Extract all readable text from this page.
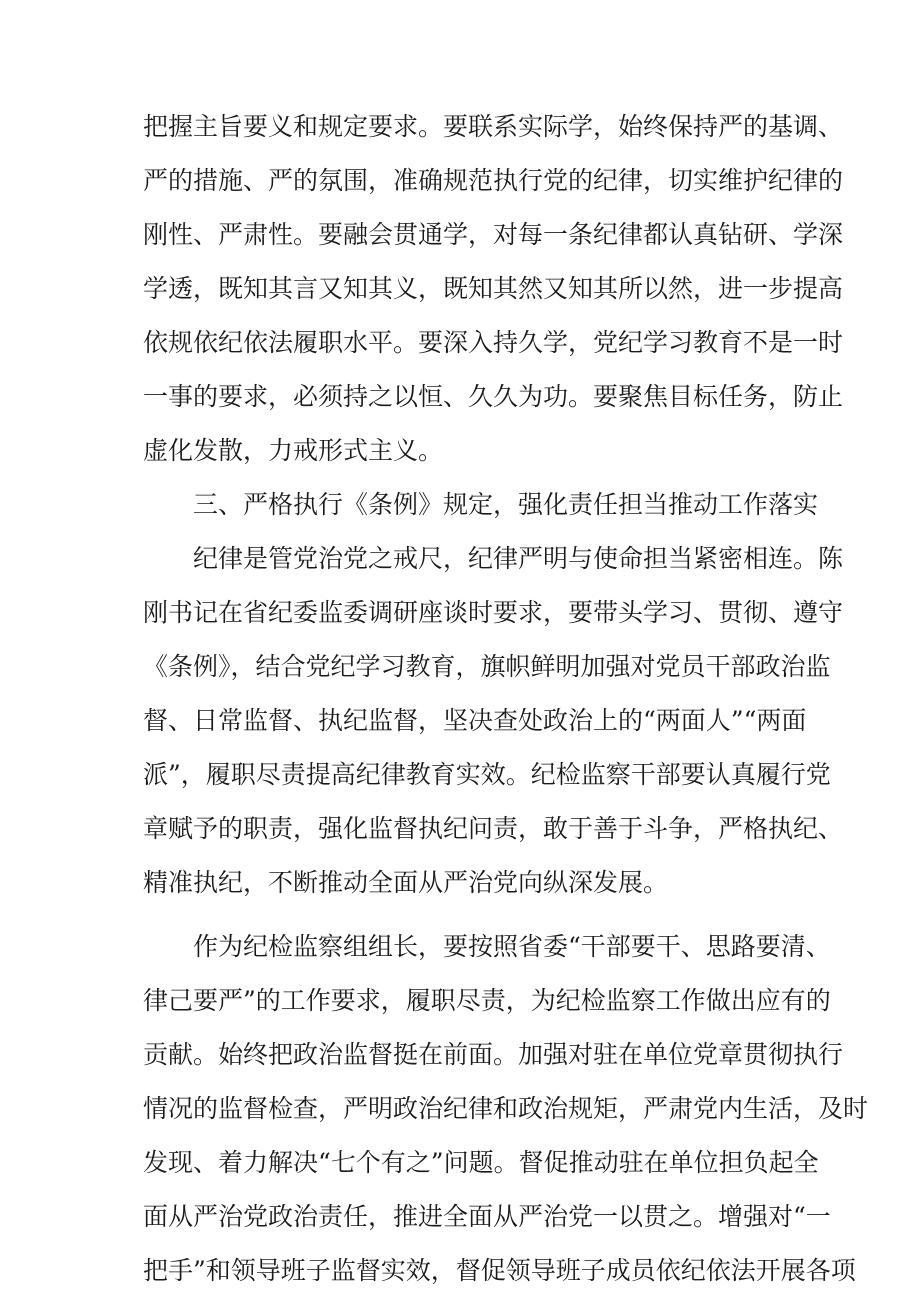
把握主旨要义和规定要求。要联系实际学，始终保持严的基调、
严的措施、严的氛围，准确规范执行党的纪律，切实维护纪律的
刚性、严肃性。要融会贯通学，对每一条纪律都认真钻研、学深
学透，既知其言又知其义，既知其然又知其所以然，进一步提高
依规依纪依法履职水平。要深入持久学，党纪学习教育不是一时
一事的要求，必须持之以恒、久久为功。要聚焦目标任务，防止
虚化发散，力戒形式主义。
三、严格执行《条例》规定，强化责任担当推动工作落实
纪律是管党治党之戒尺，纪律严明与使命担当紧密相连。陈
刚书记在省纪委监委调研座谈时要求，要带头学习、贯彻、遵守
《条例》，结合党纪学习教育，旗帜鲜明加强对党员干部政治监
督、日常监督、执纪监督，坚决查处政治上的“两面人”“两面
派”，履职尽责提高纪律教育实效。纪检监察干部要认真履行党
章赋予的职责，强化监督执纪问责，敢于善于斗争，严格执纪、
精准执纪，不断推动全面从严治党向纵深发展。
作为纪检监察组组长，要按照省委“干部要干、思路要清、
律己要严”的工作要求，履职尽责，为纪检监察工作做出应有的
贡献。始终把政治监督挺在前面。加强对驻在单位党章贯彻执行
情况的监督检查，严明政治纪律和政治规矩，严肃党内生活，及时
发现、着力解决“七个有之”问题。督促推动驻在单位担负起全
面从严治党政治责任，推进全面从严治党一以贯之。增强对“一
把手”和领导班子监督实效，督促领导班子成员依纪依法开展各项
